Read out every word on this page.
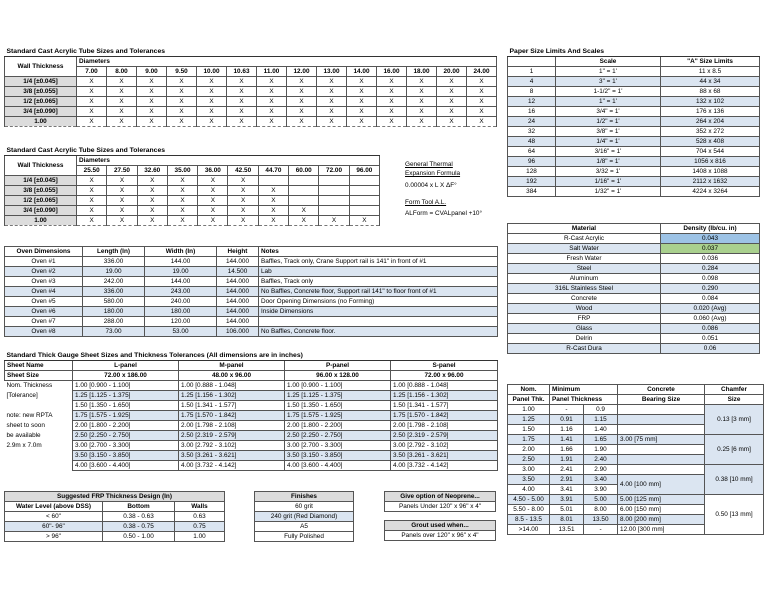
Standard Cast Acrylic Tube Sizes and Tolerances														
Wall Thickness	Diameters													
	7.00	8.00	9.00	9.50	10.00	10.63	11.00	12.00	13.00	14.00	16.00	18.00	20.00	24.00
1/4 [±0.045]	X	X	X	X	X	X	X	X	X	X	X	X	X	X
3/8 [±0.055]	X	X	X	X	X	X	X	X	X	X	X	X	X	X
1/2 [±0.065]	X	X	X	X	X	X	X	X	X	X	X	X	X	X
3/4 [±0.090]	X	X	X	X	X	X	X	X	X	X	X	X	X	X
1.00	X	X	X	X	X	X	X	X	X	X	X	X	X	X
Standard Cast Acrylic Tube Sizes and Tolerances										
Wall Thickness	Diameters									
	25.50	27.50	32.60	35.00	36.00	42.50	44.70	60.00	72.00	96.00
1/4 [±0.045]	X	X	X	X	X	X				
3/8 [±0.055]	X	X	X	X	X	X	X			
1/2 [±0.065]	X	X	X	X	X	X	X			
3/4 [±0.090]	X	X	X	X	X	X	X	X		
1.00	X	X	X	X	X	X	X	X	X	X
General Thermal
Expansion Formula
0.00004 x L X ΔF°
Form Tool A.L.
ALForm = CVALpanel +10°
Oven Dimensions	Length (In)	Width (In)	Height	Notes
Oven #1	336.00	144.00	144.000	Baffles, Track only, Crane Support rail is 141" in front of #1
Oven #2	19.00	19.00	14.500	Lab
Oven #3	242.00	144.00	144.000	Baffles, Track only
Oven #4	336.00	243.00	144.000	No Baffles, Concrete floor, Support rail 141" to floor front of #1
Oven #5	580.00	240.00	144.000	Door Opening Dimensions (no Forming)
Oven #6	180.00	180.00	144.000	Inside Dimensions
Oven #7	288.00	120.00	144.000	
Oven #8	73.00	53.00	106.000	No Baffles, Concrete floor.
Standard Thick Gauge Sheet Sizes and Thickness Tolerances (All dimensions are in inches)				
Sheet Name	L-panel	M-panel	P-panel	S-panel
Sheet Size	72.00 x 186.00	48.00 x 96.00	96.00 x 128.00	72.00 x 96.00
Nom. Thickness	1.00 [0.900 - 1.100]	1.00 [0.888 - 1.048]	1.00 [0.900 - 1.100]	1.00 [0.888 - 1.048]
[Tolerance]	1.25 [1.125 - 1.375]	1.25 [1.156 - 1.302]	1.25 [1.125 - 1.375]	1.25 [1.156 - 1.302]
	1.50 [1.350 - 1.650]	1.50 [1.341 - 1.577]	1.50 [1.350 - 1.650]	1.50 [1.341 - 1.577]
note: new RPTA	1.75 [1.575 - 1.925]	1.75 [1.570 - 1.842]	1.75 [1.575 - 1.925]	1.75 [1.570 - 1.842]
sheet to soon	2.00 [1.800 - 2.200]	2.00 [1.798 - 2.108]	2.00 [1.800 - 2.200]	2.00 [1.798 - 2.108]
be available	2.50 [2.250 - 2.750]	2.50 [2.319 - 2.579]	2.50 [2.250 - 2.750]	2.50 [2.319 - 2.579]
2.9m x 7.0m	3.00 [2.700 - 3.300]	3.00 [2.792 - 3.102]	3.00 [2.700 - 3.300]	3.00 [2.792 - 3.102]
	3.50 [3.150 - 3.850]	3.50 [3.261 - 3.621]	3.50 [3.150 - 3.850]	3.50 [3.261 - 3.621]
	4.00 [3.600 - 4.400]	4.00 [3.732 - 4.142]	4.00 [3.600 - 4.400]	4.00 [3.732 - 4.142]
Suggested FRP Thickness Design (In)		
Water Level (above DSS)	Bottom	Walls
< 60"	0.38 - 0.63	0.63
60"- 96"	0.38 - 0.75	0.75
> 96"	0.50 - 1.00	1.00
Finishes
60 grit
240 grit (Red Diamond)
A5
Fully Polished
Give option of Neoprene...
Panels Under 120" x 96" x 4"

Grout used when...
Panels over 120" x 96" x 4"
Paper Size Limits And Scales		
	Scale	"A" Size Limits
1	1" = 1'	11 x 8.5
4	3" = 1'	44 x 34
8	1-1/2" = 1'	88 x 68
12	1" = 1'	132 x 102
16	3/4" = 1'	176 x 136
24	1/2" = 1'	264 x 204
32	3/8" = 1'	352 x 272
48	1/4" = 1'	528 x 408
64	3/16" = 1'	704 x 544
96	1/8" = 1'	1056 x 816
128	3/32 = 1'	1408 x 1088
192	1/16" = 1'	2112 x 1632
384	1/32" = 1'	4224 x 3264
Material	Density (lb/cu. in)
R-Cast Acrylic	0.043
Salt Water	0.037
Fresh Water	0.036
Steel	0.284
Aluminum	0.098
316L Stainless Steel	0.290
Concrete	0.084
Wood	0.020 (Avg)
FRP	0.060 (Avg)
Glass	0.086
Delrin	0.051
R-Cast Dura	0.06
Nom.	Minimum		Concrete	Chamfer
Panel Thk.	Panel Thickness		Bearing Size	Size
1.00	-	0.9		0.13 [3 mm]
1.25	0.91	1.15		
1.50	1.16	1.40		
1.75	1.41	1.65	3.00 [75 mm]	0.25 [6 mm]
2.00	1.66	1.90		
2.50	1.91	2.40		
3.00	2.41	2.90		0.38 [10 mm]
3.50	2.91	3.40	4.00 [100 mm]	
4.00	3.41	3.90		
4.50 - 5.00	3.91	5.00	5.00 [125 mm]	0.50 [13 mm]
5.50 - 8.00	5.01	8.00	6.00 [150 mm]	
8.5 - 13.5	8.01	13.50	8.00 [200 mm]	
>14.00	13.51	-	12.00 [300 mm]	
